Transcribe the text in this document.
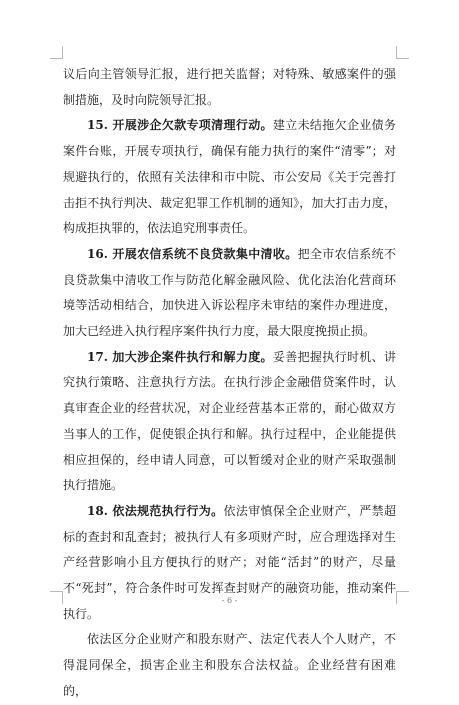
议后向主管领导汇报，进行把关监督；对特殊、敏感案件的强制措施，及时向院领导汇报。

15. 开展涉企欠款专项清理行动。建立未结拖欠企业债务案件台账，开展专项执行，确保有能力执行的案件“清零”；对规避执行的，依照有关法律和市中院、市公安局《关于完善打击拒不执行判决、裁定犯罪工作机制的通知》，加大打击力度，构成拒执罪的，依法追究刑事责任。

16. 开展农信系统不良贷款集中清收。把全市农信系统不良贷款集中清收工作与防范化解金融风险、优化法治化营商环境等活动相结合，加快进入诉讼程序未审结的案件办理进度，加大已经进入执行程序案件执行力度，最大限度挽损止损。

17. 加大涉企案件执行和解力度。妥善把握执行时机、讲究执行策略、注意执行方法。在执行涉企金融借贷案件时，认真审查企业的经营状况，对企业经营基本正常的，耐心做双方当事人的工作，促使银企执行和解。执行过程中，企业能提供相应担保的，经申请人同意，可以暂缓对企业的财产采取强制执行措施。

18. 依法规范执行行为。依法审慎保全企业财产，严禁超标的查封和乱查封；被执行人有多项财产时，应合理选择对生产经营影响小且方便执行的财产；对能“活封”的财产，尽量不“死封”，符合条件时可发挥查封财产的融资功能，推动案件执行。

依法区分企业财产和股东财产、法定代表人个人财产，不得混同保全，损害企业主和股东合法权益。企业经营有困难的，

- 6 -
